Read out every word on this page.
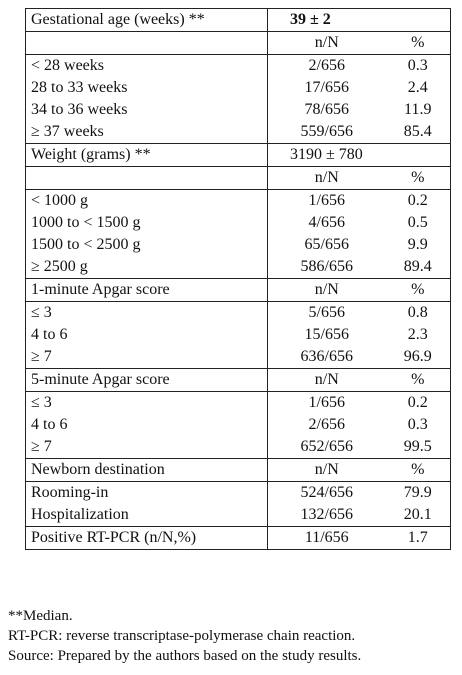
Gestational age (weeks) **	39 ± 2	
	n/N	%
< 28 weeks	2/656	0.3
28 to 33 weeks	17/656	2.4
34 to 36 weeks	78/656	11.9
≥ 37 weeks	559/656	85.4
Weight (grams) **	3190 ± 780	
	n/N	%
< 1000 g	1/656	0.2
1000 to < 1500 g	4/656	0.5
1500 to < 2500 g	65/656	9.9
≥ 2500 g	586/656	89.4
1-minute Apgar score	n/N	%
≤ 3	5/656	0.8
4 to 6	15/656	2.3
≥ 7	636/656	96.9
5-minute Apgar score	n/N	%
≤ 3	1/656	0.2
4 to 6	2/656	0.3
≥ 7	652/656	99.5
Newborn destination	n/N	%
Rooming-in	524/656	79.9
Hospitalization	132/656	20.1
Positive RT-PCR (n/N,%)	11/656	1.7
**Median.
RT-PCR: reverse transcriptase-polymerase chain reaction.
Source: Prepared by the authors based on the study results.
